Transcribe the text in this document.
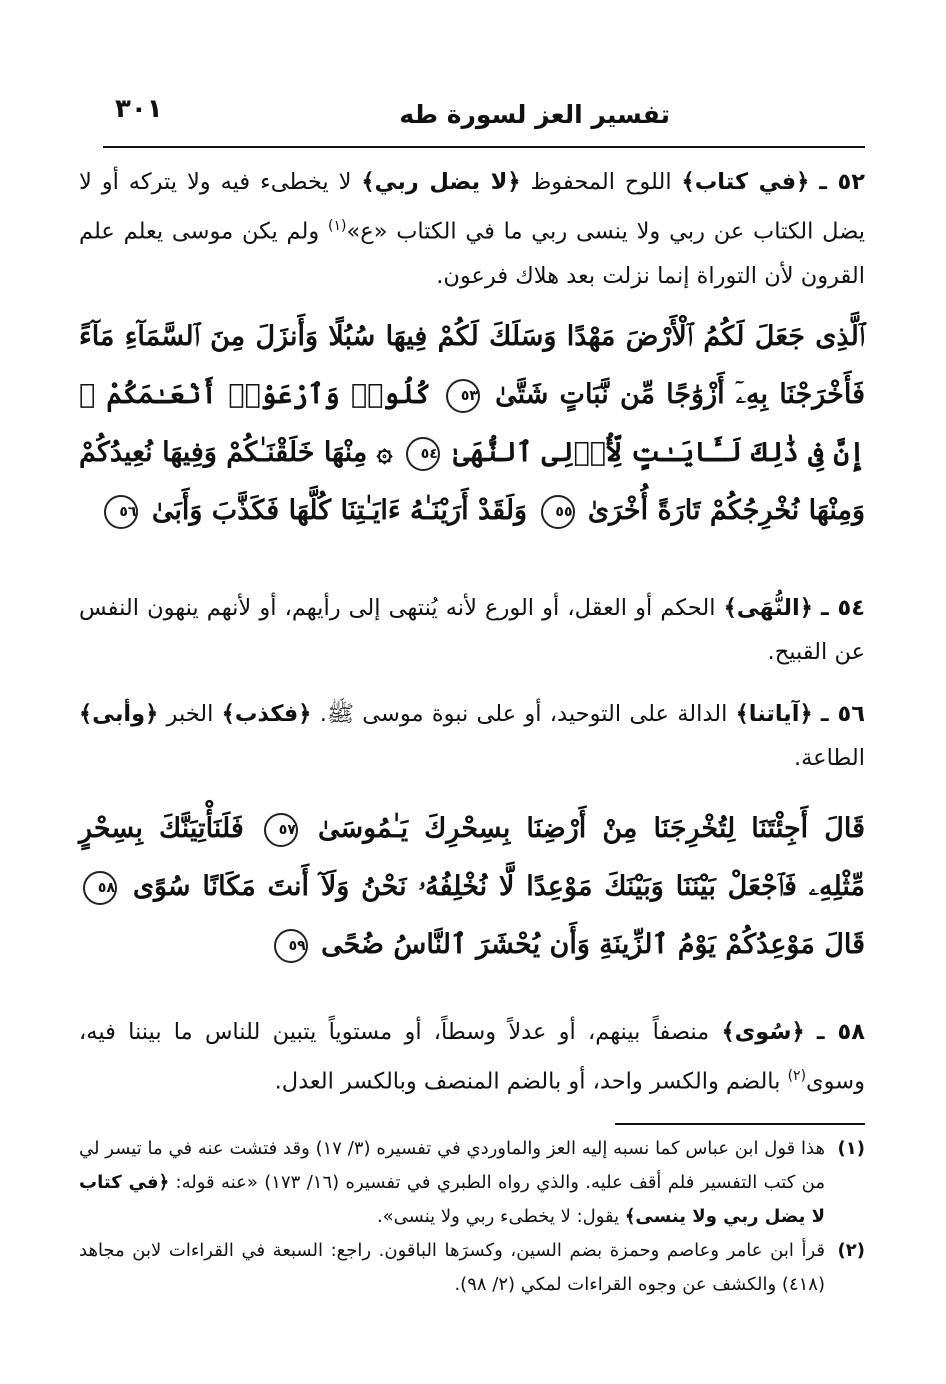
٣٠١	تفسير العز لسورة طه
٥٢ ـ ﴿في كتاب﴾ اللوح المحفوظ ﴿لا يضل ربي﴾ لا يخطىء فيه ولا يتركه أو لا يضل الكتاب عن ربي ولا ينسى ربي ما في الكتاب «ع»$^{(١)}$ ولم يكن موسى يعلم علم القرون لأن التوراة إنما نزلت بعد هلاك فرعون.
ٱلَّذِى جَعَلَ لَكُمُ ٱلْأَرْضَ مَهْدًا وَسَلَكَ لَكُمْ فِيهَا سُبُلًا وَأَنزَلَ مِنَ ٱلسَّمَآءِ مَآءً فَأَخْرَجْنَا بِهِۦٓ أَزْوَٰجًا مِّن نَّبَاتٍ شَتَّىٰ ٥٣ كُلُوا۟ وَٱرْعَوْا۟ أَنْعَـٰمَكُمْ ۗ إِنَّ فِى ذَٰلِكَ لَـَٔايَـٰتٍ لِّأُو۟لِى ٱلنُّهَىٰ ٥٤ ۞ مِنْهَا خَلَقْنَـٰكُمْ وَفِيهَا نُعِيدُكُمْ وَمِنْهَا نُخْرِجُكُمْ تَارَةً أُخْرَىٰ ٥٥ وَلَقَدْ أَرَيْنَـٰهُ ءَايَـٰتِنَا كُلَّهَا فَكَذَّبَ وَأَبَىٰ ٥٦
٥٤ ـ ﴿النُّهَى﴾ الحكم أو العقل، أو الورع لأنه يُنتهى إلى رأيهم، أو لأنهم ينهون النفس عن القبيح.
٥٦ ـ ﴿آياتنا﴾ الدالة على التوحيد، أو على نبوة موسى ﷺ. ﴿فكذب﴾ الخبر ﴿وأبى﴾ الطاعة.
قَالَ أَجِئْتَنَا لِتُخْرِجَنَا مِنْ أَرْضِنَا بِسِحْرِكَ يَـٰمُوسَىٰ ٥٧ فَلَنَأْتِيَنَّكَ بِسِحْرٍ مِّثْلِهِۦ فَٱجْعَلْ بَيْنَنَا وَبَيْنَكَ مَوْعِدًا لَّا نُخْلِفُهُۥ نَحْنُ وَلَآ أَنتَ مَكَانًا سُوًى ٥٨ قَالَ مَوْعِدُكُمْ يَوْمُ ٱلزِّينَةِ وَأَن يُحْشَرَ ٱلنَّاسُ ضُحًى ٥٩
٥٨ ـ ﴿سُوى﴾ منصفاً بينهم، أو عدلاً وسطاً، أو مستوياً يتبين للناس ما بيننا فيه، وسوى$^{(٢)}$ بالضم والكسر واحد، أو بالضم المنصف وبالكسر العدل.
(١)
هذا قول ابن عباس كما نسبه إليه العز والماوردي في تفسيره (٣/ ١٧) وقد فتشت عنه في ما تيسر لي من كتب التفسير فلم أقف عليه. والذي رواه الطبري في تفسيره (١٦/ ١٧٣) «عنه قوله: ﴿في كتاب لا يضل ربي ولا ينسى﴾ يقول: لا يخطىء ربي ولا ينسى».
(٢)
قرأ ابن عامر وعاصم وحمزة بضم السين، وكسرَها الباقون. راجع: السبعة في القراءات لابن مجاهد (٤١٨) والكشف عن وجوه القراءات لمكي (٢/ ٩٨).
